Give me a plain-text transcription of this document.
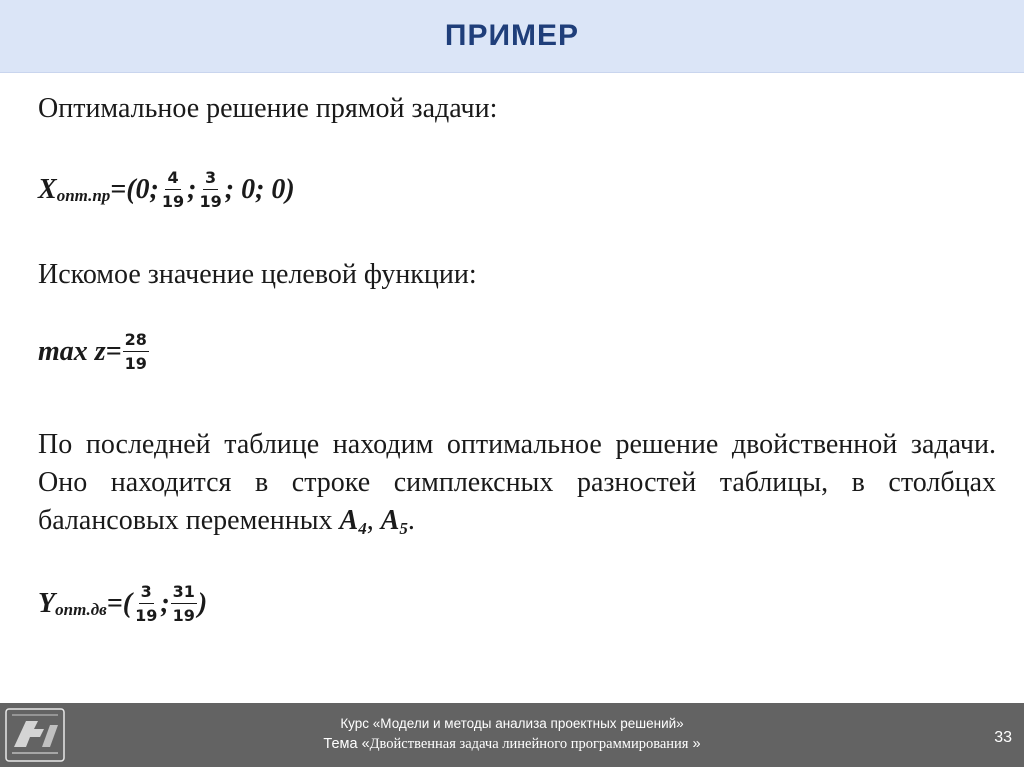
ПРИМЕР

Оптимальное решение прямой задачи:

$X_{опт.пр} =(0$; $\frac{4}{19}$ ; $\frac{3}{19}$ ; 0; 0)

Искомое значение целевой функции:

$\max z= \frac{28}{19}$

По последней таблице находим оптимальное решение двойственной задачи. Оно находится в строке симплексных разностей таблицы, в столбцах балансовых переменных $A_4$, $A_5$.

$Y_{опт.дв}$ =( $\frac{3}{19}$ ; $\frac{31}{19}$ )
Курс «Модели и методы анализа проектных решений»
Тема «Двойственная задача линейного программирования »	33
